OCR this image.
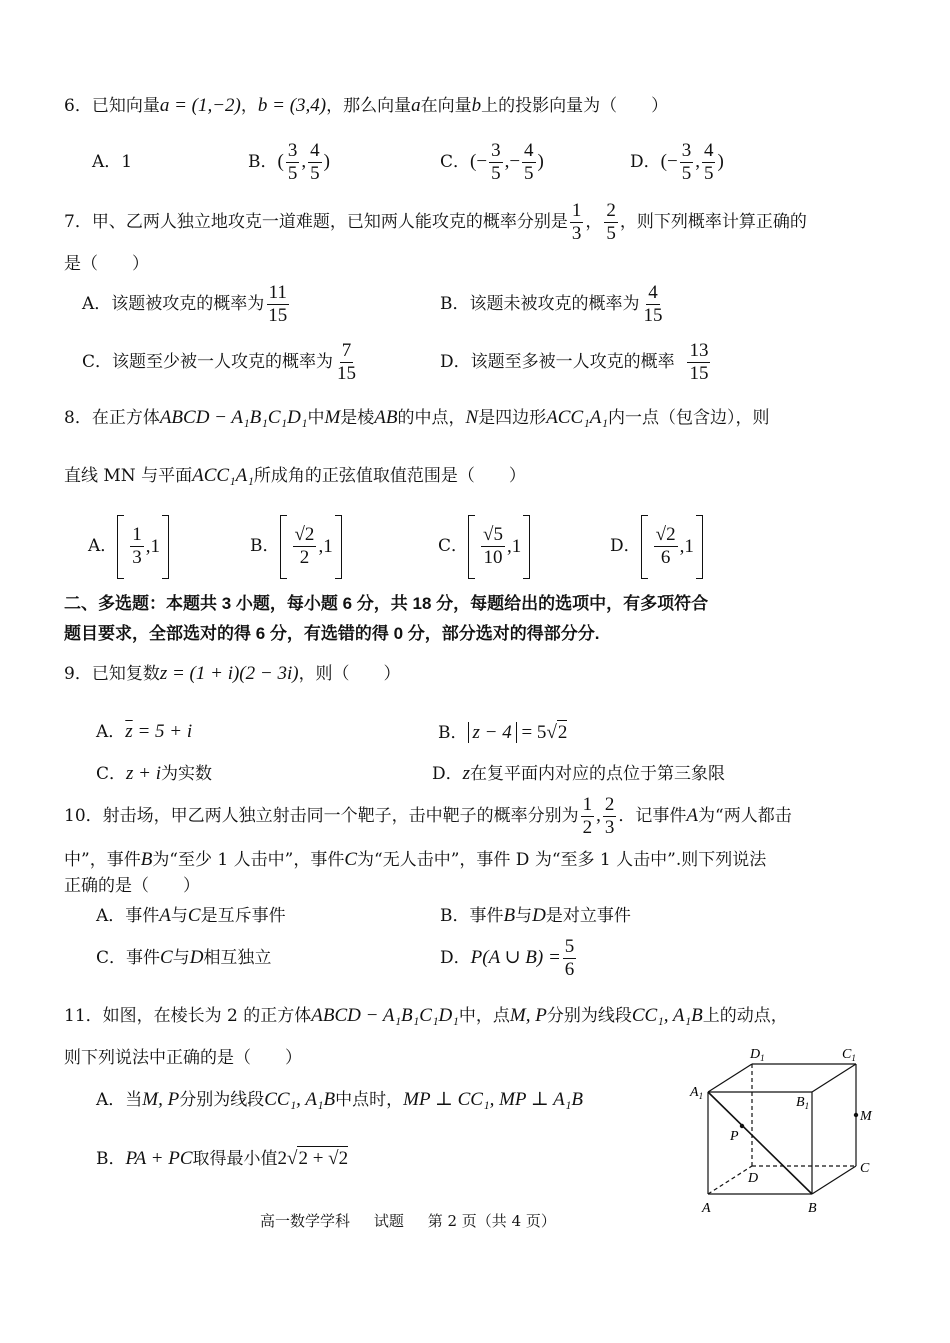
6．已知向量a = (1,−2)，b = (3,4)，那么向量a在向量b上的投影向量为（　　）
A．1	B．( $\frac{3}{5}$ , $\frac{4}{5}$ )	C．(− $\frac{3}{5}$ ,− $\frac{4}{5}$ )	D．(− $\frac{3}{5}$ , $\frac{4}{5}$ )
7．甲、乙两人独立地攻克一道难题，已知两人能攻克的概率分别是 $\frac{1}{3}$ ， $\frac{2}{5}$ ，则下列概率计算正确的
是（　　）
A．该题被攻克的概率为 $\frac{11}{15}$	B．该题未被攻克的概率为 $\frac{4}{15}$
C．该题至少被一人攻克的概率为 $\frac{7}{15}$	D．该题至多被一人攻克的概率 $\frac{13}{15}$
8．在正方体ABCD − A₁B₁C₁D₁中M是棱AB的中点，N是四边形ACC₁A₁内一点（包含边），则
直线 MN 与平面ACC₁A₁所成角的正弦值取值范围是（　　）
A． $\frac{1}{3} ,1$	B． $\frac{√2}{2} ,1$	C． $\frac{√5}{10} ,1$	D． $\frac{√2}{6} ,1$
二、多选题：本题共 3 小题，每小题 6 分，共 18 分，每题给出的选项中，有多项符合
题目要求，全部选对的得 6 分，有选错的得 0 分，部分选对的得部分分.
9．已知复数z = (1 + i)(2 − 3i)，则（　　）
A．$\overline{z} = 5 + i$	B． z − 4 = 5√2
C．z + i为实数	D．z在复平面内对应的点位于第三象限
10．射击场，甲乙两人独立射击同一个靶子，击中靶子的概率分别为 $\frac{1}{2}$ , $\frac{2}{3}$ ．记事件A为“两人都击
中”，事件B为“至少 1 人击中”，事件C为“无人击中”，事件 D 为“至多 1 人击中”.则下列说法
正确的是（　　）
A．事件A与C是互斥事件	B．事件B与D是对立事件
C．事件C与D相互独立	D．P(A ∪ $B) = \frac{5}{6}$
11．如图，在棱长为 2 的正方体ABCD − A₁B₁C₁D₁中，点M, P分别为线段CC₁, A₁B上的动点，
则下列说法中正确的是（　　）
A．当M, P分别为线段CC₁, A₁B中点时，MP ⊥ CC₁, MP ⊥ A₁B
B．PA + PC取得最小值2√2 + √2
A	B
C
D
$A_1$	$B_1$
$C_1$
$D_1$
M
P
高一数学学科 试题 第 2 页（共 4 页）
